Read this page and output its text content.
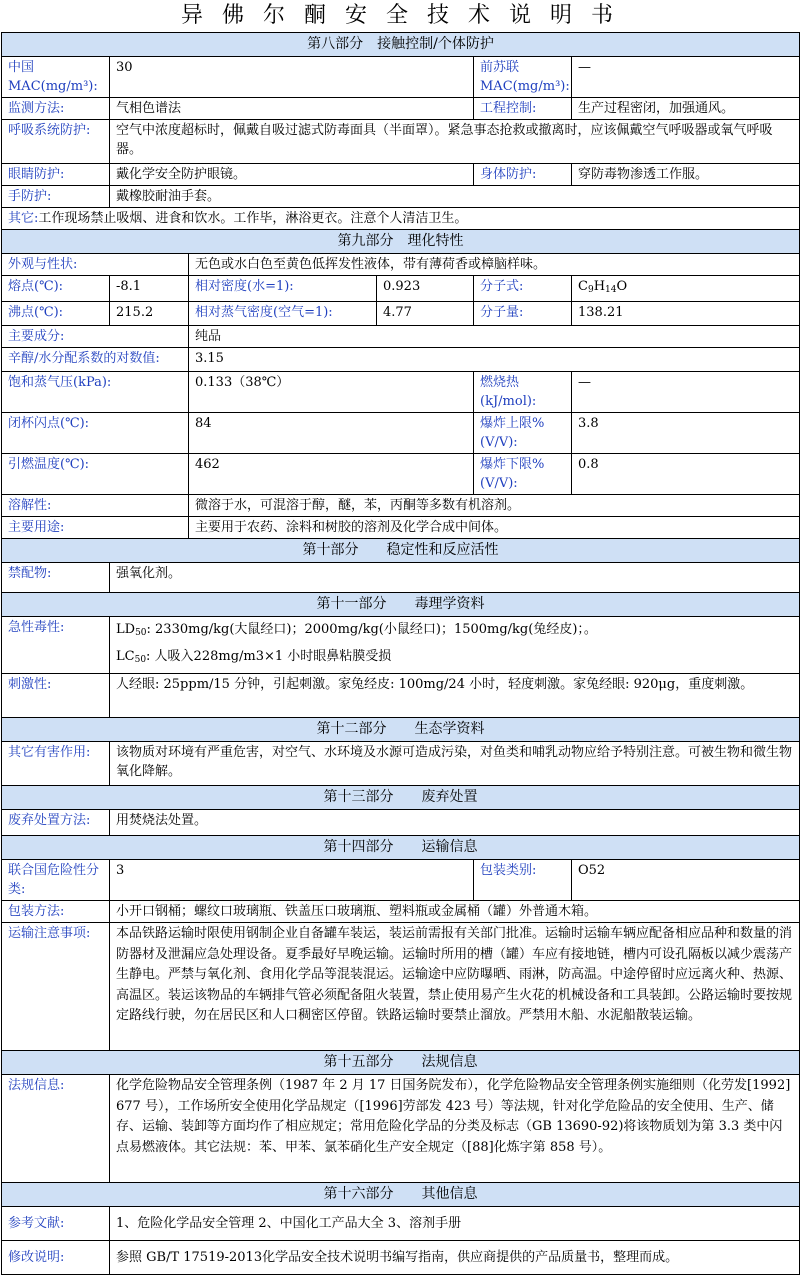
异 佛 尔 酮 安 全 技 术 说 明 书
第八部分　接触控制/个体防护					
中国 MAC(mg/m³):	30			前苏联MAC(mg/m³):	—
监测方法:	气相色谱法			工程控制:	生产过程密闭，加强通风。
呼吸系统防护:	空气中浓度超标时，佩戴自吸过滤式防毒面具（半面罩）。紧急事态抢救或撤离时，应该佩戴空气呼吸器或氧气呼吸器。				
眼睛防护:	戴化学安全防护眼镜。			身体防护:	穿防毒物渗透工作服。
手防护:	戴橡胶耐油手套。				
其它:工作现场禁止吸烟、进食和饮水。工作毕，淋浴更衣。注意个人清洁卫生。					
第九部分　理化特性					
外观与性状:		无色或水白色至黄色低挥发性液体，带有薄荷香或樟脑样味。			
熔点(℃):	-8.1	相对密度(水=1):	0.923	分子式:	$C_9H_{14}O$
沸点(℃):	215.2	相对蒸气密度(空气=1):	4.77	分子量:	138.21
主要成分:		纯品			
辛醇/水分配系数的对数值:		3.15			
饱和蒸气压(kPa):		0.133（38℃）		燃烧热(kJ/mol):	—
闭杯闪点(℃):		84		爆炸上限%(V/V):	3.8
引燃温度(℃):		462		爆炸下限%(V/V):	0.8
溶解性:		微溶于水，可混溶于醇，醚，苯，丙酮等多数有机溶剂。			
主要用途:		主要用于农药、涂料和树胶的溶剂及化学合成中间体。			
第十部分　　稳定性和反应活性					
禁配物:	强氧化剂。				
第十一部分　　毒理学资料					
急性毒性:	$LD_{50}$: 2330mg/kg(大鼠经口)；2000mg/kg(小鼠经口)；1500mg/kg(兔经皮)；。
$LC_{50}$: 人吸入228mg/m3×1 小时眼鼻粘膜受损				

刺激性:	人经眼: 25ppm/15 分钟，引起刺激。家兔经皮: 100mg/24 小时，轻度刺激。家兔经眼: 920μg，重度刺激。				
第十二部分　　生态学资料					
其它有害作用:	该物质对环境有严重危害，对空气、水环境及水源可造成污染，对鱼类和哺乳动物应给予特别注意。可被生物和微生物氧化降解。				
第十三部分　　废弃处置					
废弃处置方法:	用焚烧法处置。				
第十四部分　　运输信息					
联合国危险性分类:	3			包装类别:	O52
包装方法:	小开口钢桶；螺纹口玻璃瓶、铁盖压口玻璃瓶、塑料瓶或金属桶（罐）外普通木箱。				
运输注意事项:	本品铁路运输时限使用钢制企业自备罐车装运，装运前需报有关部门批准。运输时运输车辆应配备相应品种和数量的消防器材及泄漏应急处理设备。夏季最好早晚运输。运输时所用的槽（罐）车应有接地链，槽内可设孔隔板以减少震荡产生静电。严禁与氧化剂、食用化学品等混装混运。运输途中应防曝晒、雨淋，防高温。中途停留时应远离火种、热源、高温区。装运该物品的车辆排气管必须配备阻火装置，禁止使用易产生火花的机械设备和工具装卸。公路运输时要按规定路线行驶，勿在居民区和人口稠密区停留。铁路运输时要禁止溜放。严禁用木船、水泥船散装运输。				
第十五部分　　法规信息					
法规信息:	化学危险物品安全管理条例（1987 年 2 月 17 日国务院发布），化学危险物品安全管理条例实施细则（化劳发[1992] 677 号），工作场所安全使用化学品规定（[1996]劳部发 423 号）等法规，针对化学危险品的安全使用、生产、储存、运输、装卸等方面均作了相应规定；常用危险化学品的分类及标志（GB 13690-92)将该物质划为第 3.3 类中闪点易燃液体。其它法规：苯、甲苯、氯苯硝化生产安全规定（[88]化炼字第 858 号）。				
第十六部分　　其他信息					
参考文献:	1、危险化学品安全管理 2、中国化工产品大全 3、溶剂手册				
修改说明:	参照 GB/T 17519-2013化学品安全技术说明书编写指南，供应商提供的产品质量书，整理而成。				
